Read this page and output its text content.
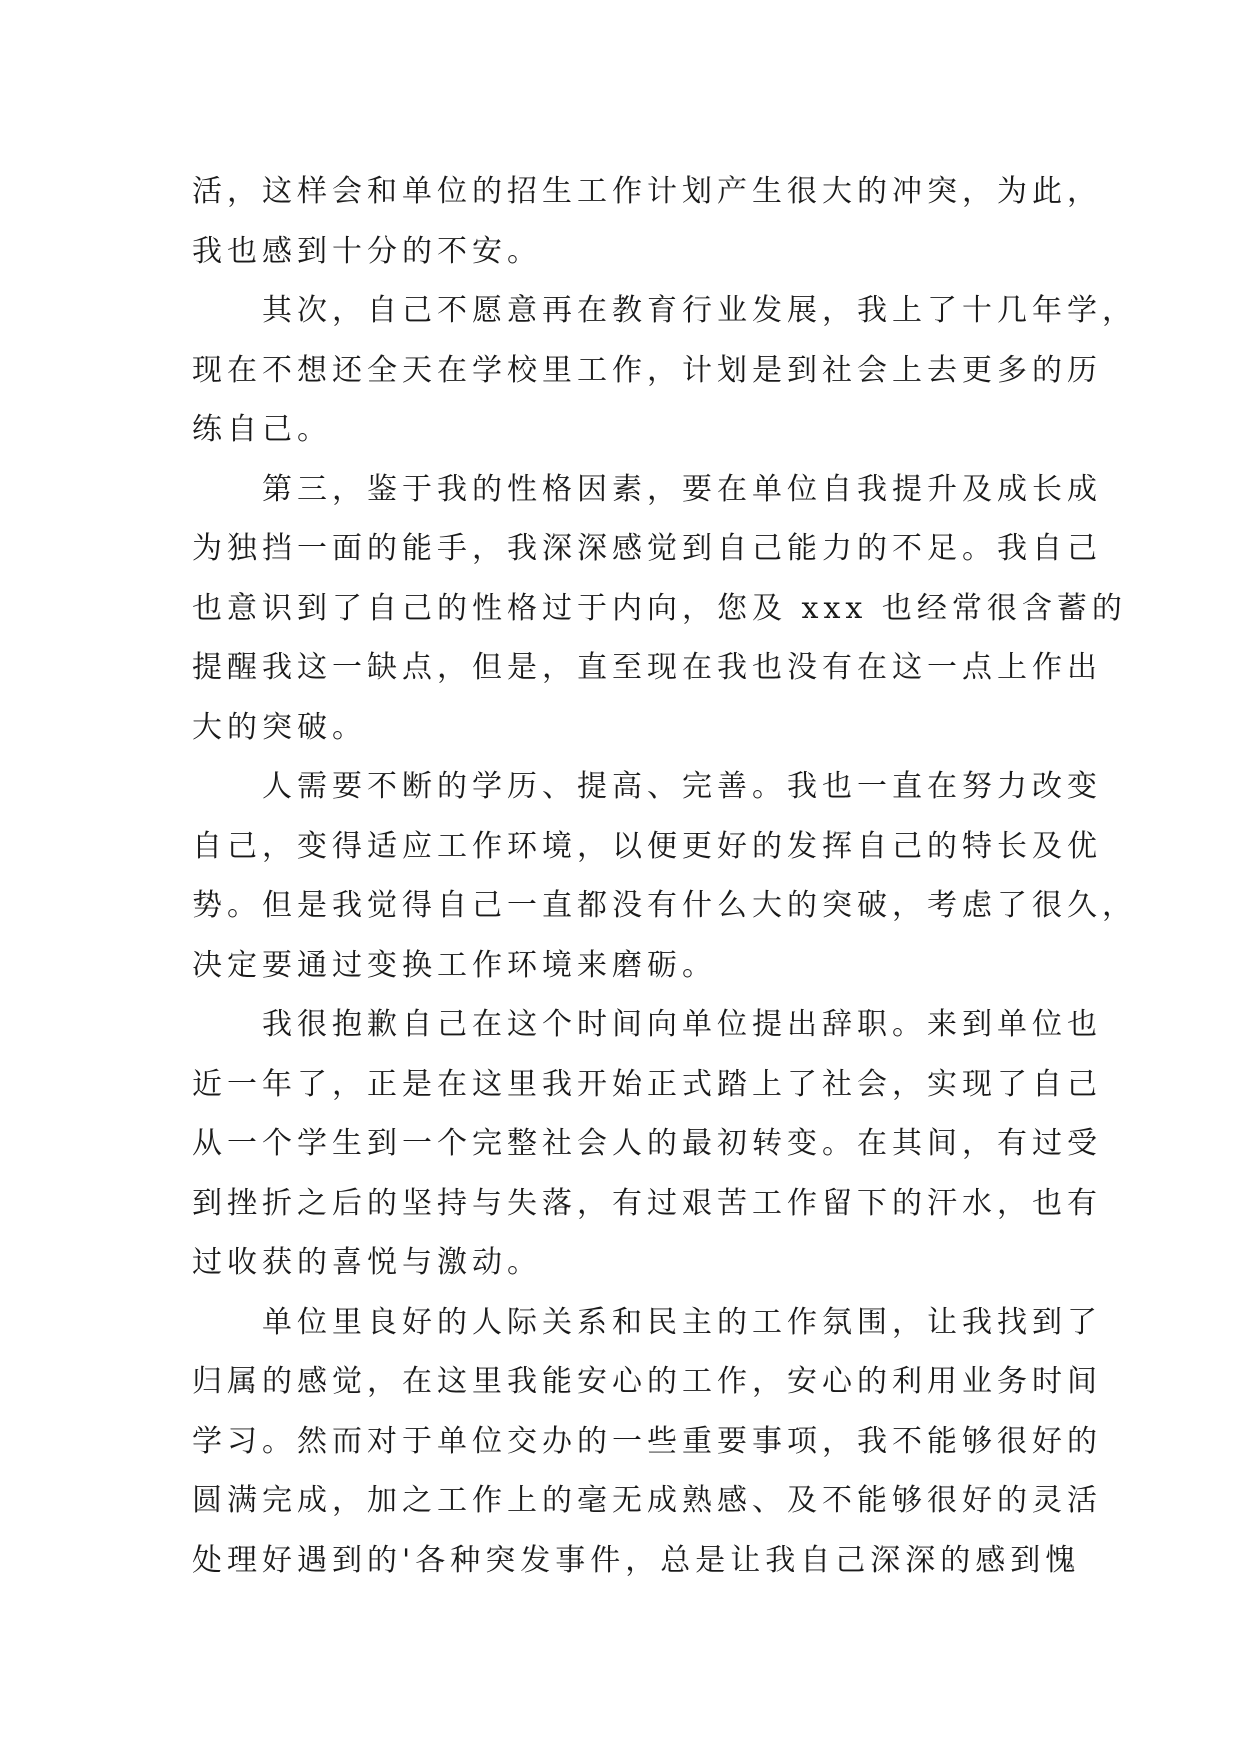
活，这样会和单位的招生工作计划产生很大的冲突，为此，
我也感到十分的不安。
其次，自己不愿意再在教育行业发展，我上了十几年学，
现在不想还全天在学校里工作，计划是到社会上去更多的历
练自己。
第三，鉴于我的性格因素，要在单位自我提升及成长成
为独挡一面的能手，我深深感觉到自己能力的不足。我自己
也意识到了自己的性格过于内向，您及 xxx 也经常很含蓄的
提醒我这一缺点，但是，直至现在我也没有在这一点上作出
大的突破。
人需要不断的学历、提高、完善。我也一直在努力改变
自己，变得适应工作环境，以便更好的发挥自己的特长及优
势。但是我觉得自己一直都没有什么大的突破，考虑了很久，
决定要通过变换工作环境来磨砺。
我很抱歉自己在这个时间向单位提出辞职。来到单位也
近一年了，正是在这里我开始正式踏上了社会，实现了自己
从一个学生到一个完整社会人的最初转变。在其间，有过受
到挫折之后的坚持与失落，有过艰苦工作留下的汗水，也有
过收获的喜悦与激动。
单位里良好的人际关系和民主的工作氛围，让我找到了
归属的感觉，在这里我能安心的工作，安心的利用业务时间
学习。然而对于单位交办的一些重要事项，我不能够很好的
圆满完成，加之工作上的毫无成熟感、及不能够很好的灵活
处理好遇到的'各种突发事件，总是让我自己深深的感到愧
